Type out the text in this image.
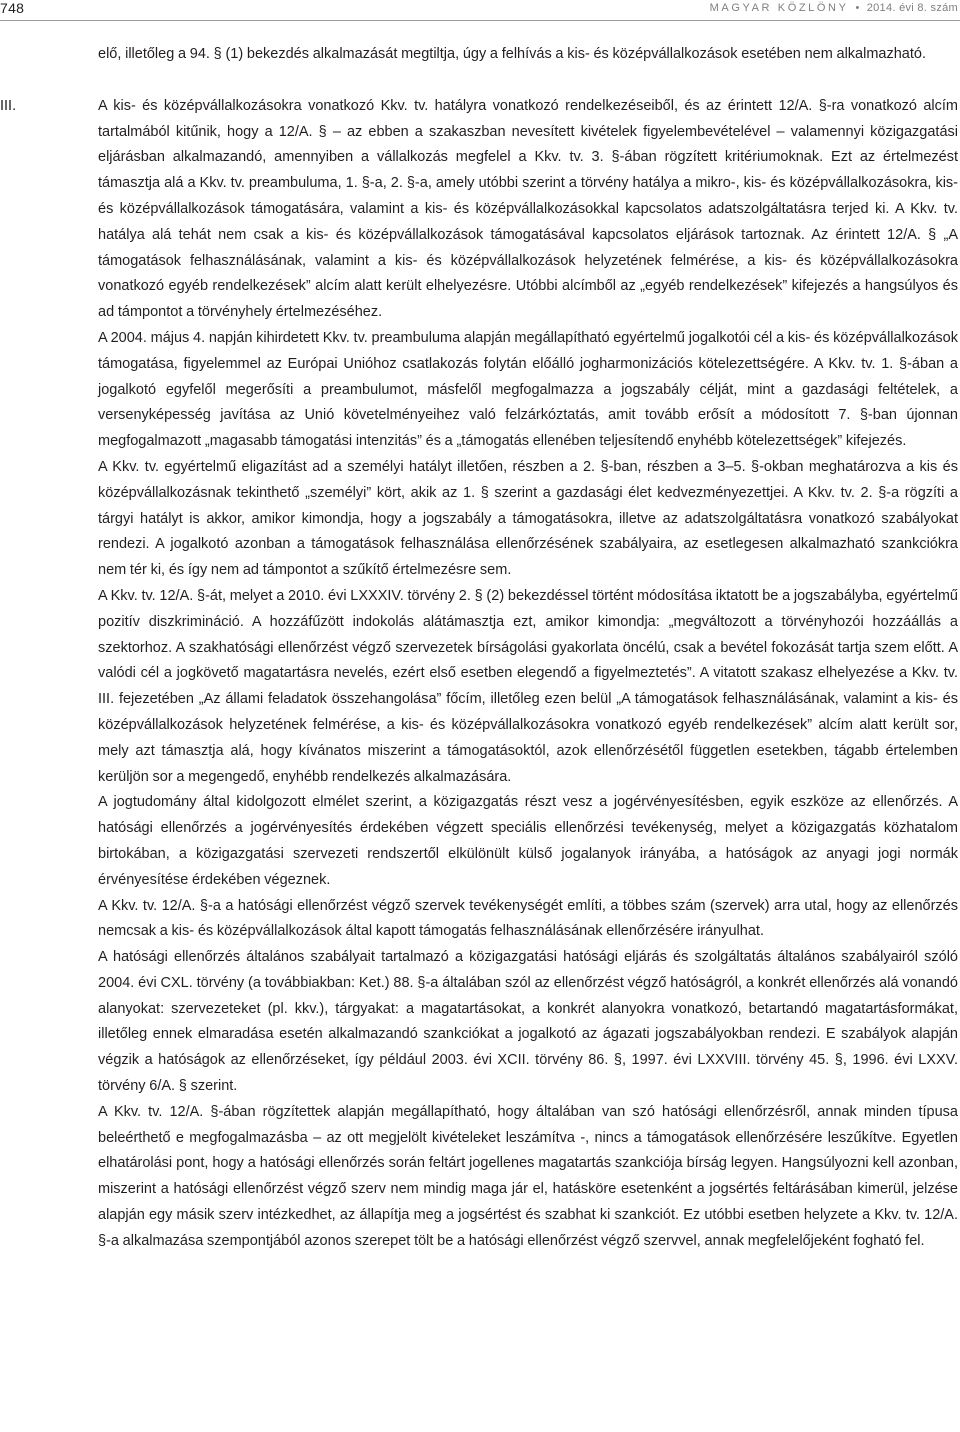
748	MAGYAR KÖZLÖNY • 2014. évi 8. szám

elő, illetőleg a 94. § (1) bekezdés alkalmazását megtiltja, úgy a felhívás a kis- és középvállalkozások esetében nem alkalmazható.

III.	A kis- és középvállalkozásokra vonatkozó Kkv. tv. hatályra vonatkozó rendelkezéseiből, és az érintett 12/A. §-ra vonatkozó alcím tartalmából kitűnik, hogy a 12/A. § – az ebben a szakaszban nevesített kivételek figyelembevételével – valamennyi közigazgatási eljárásban alkalmazandó, amennyiben a vállalkozás megfelel a Kkv. tv. 3. §-ában rögzített kritériumoknak. Ezt az értelmezést támasztja alá a Kkv. tv. preambuluma, 1. §-a, 2. §-a, amely utóbbi szerint a törvény hatálya a mikro-, kis- és középvállalkozásokra, kis- és középvállalkozások támogatására, valamint a kis- és középvállalkozásokkal kapcsolatos adatszolgáltatásra terjed ki. A Kkv. tv. hatálya alá tehát nem csak a kis- és középvállalkozások támogatásával kapcsolatos eljárások tartoznak. Az érintett 12/A. § „A támogatások felhasználásának, valamint a kis- és középvállalkozások helyzetének felmérése, a kis- és középvállalkozásokra vonatkozó egyéb rendelkezések” alcím alatt került elhelyezésre. Utóbbi alcímből az „egyéb rendelkezések” kifejezés a hangsúlyos és ad támpontot a törvényhely értelmezéséhez.

A 2004. május 4. napján kihirdetett Kkv. tv. preambuluma alapján megállapítható egyértelmű jogalkotói cél a kis- és középvállalkozások támogatása, figyelemmel az Európai Unióhoz csatlakozás folytán előálló jogharmonizációs kötelezettségére. A Kkv. tv. 1. §-ában a jogalkotó egyfelől megerősíti a preambulumot, másfelől megfogalmazza a jogszabály célját, mint a gazdasági feltételek, a versenyképesség javítása az Unió követelményeihez való felzárkóztatás, amit tovább erősít a módosított 7. §-ban újonnan megfogalmazott „magasabb támogatási intenzitás” és a „támogatás ellenében teljesítendő enyhébb kötelezettségek” kifejezés.

A Kkv. tv. egyértelmű eligazítást ad a személyi hatályt illetően, részben a 2. §-ban, részben a 3–5. §-okban meghatározva a kis és középvállalkozásnak tekinthető „személyi” kört, akik az 1. § szerint a gazdasági élet kedvezményezettjei. A Kkv. tv. 2. §-a rögzíti a tárgyi hatályt is akkor, amikor kimondja, hogy a jogszabály a támogatásokra, illetve az adatszolgáltatásra vonatkozó szabályokat rendezi. A jogalkotó azonban a támogatások felhasználása ellenőrzésének szabályaira, az esetlegesen alkalmazható szankciókra nem tér ki, és így nem ad támpontot a szűkítő értelmezésre sem.

A Kkv. tv. 12/A. §-át, melyet a 2010. évi LXXXIV. törvény 2. § (2) bekezdéssel történt módosítása iktatott be a jogszabályba, egyértelmű pozitív diszkrimináció. A hozzáfűzött indokolás alátámasztja ezt, amikor kimondja: „megváltozott a törvényhozói hozzáállás a szektorhoz. A szakhatósági ellenőrzést végző szervezetek bírságolási gyakorlata öncélú, csak a bevétel fokozását tartja szem előtt. A valódi cél a jogkövető magatartásra nevelés, ezért első esetben elegendő a figyelmeztetés”. A vitatott szakasz elhelyezése a Kkv. tv. III. fejezetében „Az állami feladatok összehangolása” főcím, illetőleg ezen belül „A támogatások felhasználásának, valamint a kis- és középvállalkozások helyzetének felmérése, a kis- és középvállalkozásokra vonatkozó egyéb rendelkezések” alcím alatt került sor, mely azt támasztja alá, hogy kívánatos miszerint a támogatásoktól, azok ellenőrzésétől független esetekben, tágabb értelemben kerüljön sor a megengedő, enyhébb rendelkezés alkalmazására.

A jogtudomány által kidolgozott elmélet szerint, a közigazgatás részt vesz a jogérvényesítésben, egyik eszköze az ellenőrzés. A hatósági ellenőrzés a jogérvényesítés érdekében végzett speciális ellenőrzési tevékenység, melyet a közigazgatás közhatalom birtokában, a közigazgatási szervezeti rendszertől elkülönült külső jogalanyok irányába, a hatóságok az anyagi jogi normák érvényesítése érdekében végeznek.

A Kkv. tv. 12/A. §-a a hatósági ellenőrzést végző szervek tevékenységét említi, a többes szám (szervek) arra utal, hogy az ellenőrzés nemcsak a kis- és középvállalkozások által kapott támogatás felhasználásának ellenőrzésére irányulhat.

A hatósági ellenőrzés általános szabályait tartalmazó a közigazgatási hatósági eljárás és szolgáltatás általános szabályairól szóló 2004. évi CXL. törvény (a továbbiakban: Ket.) 88. §-a általában szól az ellenőrzést végző hatóságról, a konkrét ellenőrzés alá vonandó alanyokat: szervezeteket (pl. kkv.), tárgyakat: a magatartásokat, a konkrét alanyokra vonatkozó, betartandó magatartásformákat, illetőleg ennek elmaradása esetén alkalmazandó szankciókat a jogalkotó az ágazati jogszabályokban rendezi. E szabályok alapján végzik a hatóságok az ellenőrzéseket, így például 2003. évi XCII. törvény 86. §, 1997. évi LXXVIII. törvény 45. §, 1996. évi LXXV. törvény 6/A. § szerint.

A Kkv. tv. 12/A. §-ában rögzítettek alapján megállapítható, hogy általában van szó hatósági ellenőrzésről, annak minden típusa beleérthető e megfogalmazásba – az ott megjelölt kivételeket leszámítva -, nincs a támogatások ellenőrzésére leszűkítve. Egyetlen elhatárolási pont, hogy a hatósági ellenőrzés során feltárt jogellenes magatartás szankciója bírság legyen. Hangsúlyozni kell azonban, miszerint a hatósági ellenőrzést végző szerv nem mindig maga jár el, hatásköre esetenként a jogsértés feltárásában kimerül, jelzése alapján egy másik szerv intézkedhet, az állapítja meg a jogsértést és szabhat ki szankciót. Ez utóbbi esetben helyzete a Kkv. tv. 12/A. §-a alkalmazása szempontjából azonos szerepet tölt be a hatósági ellenőrzést végző szervvel, annak megfelelőjeként fogható fel.
